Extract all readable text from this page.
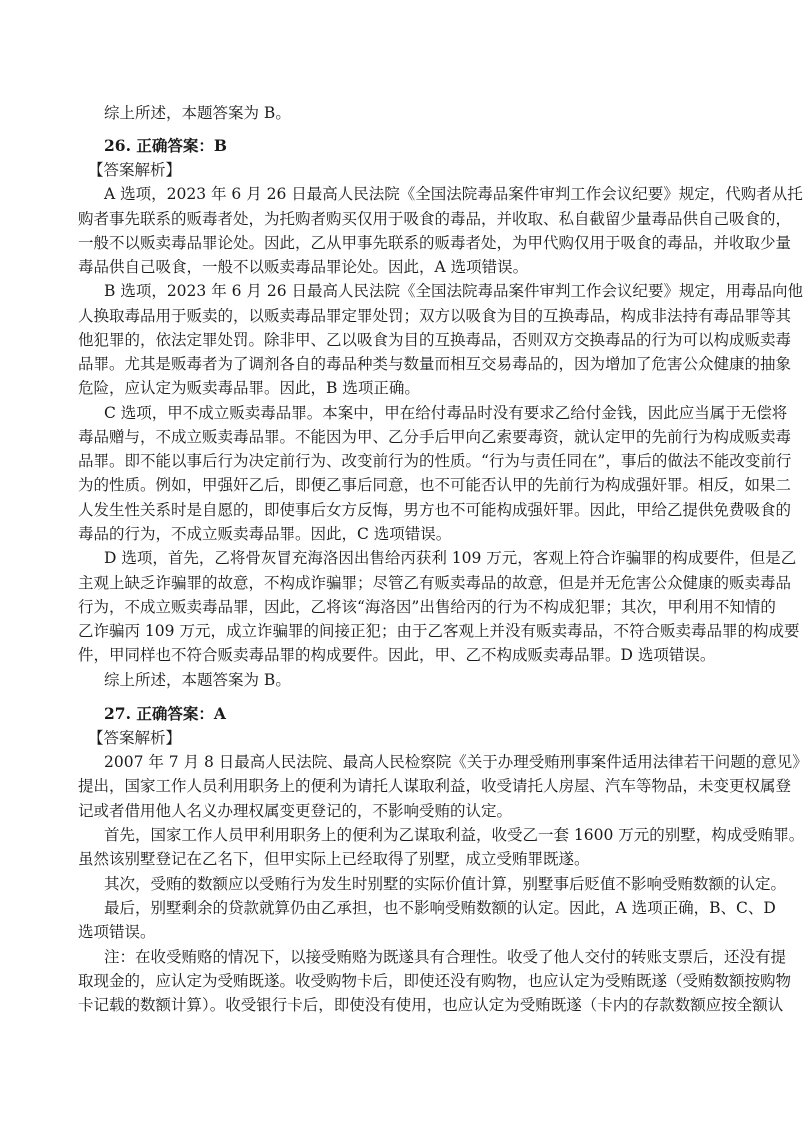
综上所述，本题答案为 B。
26. 正确答案：B
【答案解析】
A 选项，2023 年 6 月 26 日最高人民法院《全国法院毒品案件审判工作会议纪要》规定，代购者从托
购者事先联系的贩毒者处，为托购者购买仅用于吸食的毒品，并收取、私自截留少量毒品供自己吸食的，
一般不以贩卖毒品罪论处。因此，乙从甲事先联系的贩毒者处，为甲代购仅用于吸食的毒品，并收取少量
毒品供自己吸食，一般不以贩卖毒品罪论处。因此，A 选项错误。
B 选项，2023 年 6 月 26 日最高人民法院《全国法院毒品案件审判工作会议纪要》规定，用毒品向他
人换取毒品用于贩卖的，以贩卖毒品罪定罪处罚；双方以吸食为目的互换毒品，构成非法持有毒品罪等其
他犯罪的，依法定罪处罚。除非甲、乙以吸食为目的互换毒品，否则双方交换毒品的行为可以构成贩卖毒
品罪。尤其是贩毒者为了调剂各自的毒品种类与数量而相互交易毒品的，因为增加了危害公众健康的抽象
危险，应认定为贩卖毒品罪。因此，B 选项正确。
C 选项，甲不成立贩卖毒品罪。本案中，甲在给付毒品时没有要求乙给付金钱，因此应当属于无偿将
毒品赠与，不成立贩卖毒品罪。不能因为甲、乙分手后甲向乙索要毒资，就认定甲的先前行为构成贩卖毒
品罪。即不能以事后行为决定前行为、改变前行为的性质。“行为与责任同在”，事后的做法不能改变前行
为的性质。例如，甲强奸乙后，即便乙事后同意，也不可能否认甲的先前行为构成强奸罪。相反，如果二
人发生性关系时是自愿的，即使事后女方反悔，男方也不可能构成强奸罪。因此，甲给乙提供免费吸食的
毒品的行为，不成立贩卖毒品罪。因此，C 选项错误。
D 选项，首先，乙将骨灰冒充海洛因出售给丙获利 109 万元，客观上符合诈骗罪的构成要件，但是乙
主观上缺乏诈骗罪的故意，不构成诈骗罪；尽管乙有贩卖毒品的故意，但是并无危害公众健康的贩卖毒品
行为，不成立贩卖毒品罪，因此，乙将该“海洛因”出售给丙的行为不构成犯罪；其次，甲利用不知情的
乙诈骗丙 109 万元，成立诈骗罪的间接正犯；由于乙客观上并没有贩卖毒品，不符合贩卖毒品罪的构成要
件，甲同样也不符合贩卖毒品罪的构成要件。因此，甲、乙不构成贩卖毒品罪。D 选项错误。
综上所述，本题答案为 B。
27. 正确答案：A
【答案解析】
2007 年 7 月 8 日最高人民法院、最高人民检察院《关于办理受贿刑事案件适用法律若干问题的意见》
提出，国家工作人员利用职务上的便利为请托人谋取利益，收受请托人房屋、汽车等物品，未变更权属登
记或者借用他人名义办理权属变更登记的，不影响受贿的认定。
首先，国家工作人员甲利用职务上的便利为乙谋取利益，收受乙一套 1600 万元的别墅，构成受贿罪。
虽然该别墅登记在乙名下，但甲实际上已经取得了别墅，成立受贿罪既遂。
其次，受贿的数额应以受贿行为发生时别墅的实际价值计算，别墅事后贬值不影响受贿数额的认定。
最后，别墅剩余的贷款就算仍由乙承担，也不影响受贿数额的认定。因此，A 选项正确，B、C、D
选项错误。
注：在收受贿赂的情况下，以接受贿赂为既遂具有合理性。收受了他人交付的转账支票后，还没有提
取现金的，应认定为受贿既遂。收受购物卡后，即使还没有购物，也应认定为受贿既遂（受贿数额按购物
卡记载的数额计算）。收受银行卡后，即使没有使用，也应认定为受贿既遂（卡内的存款数额应按全额认
